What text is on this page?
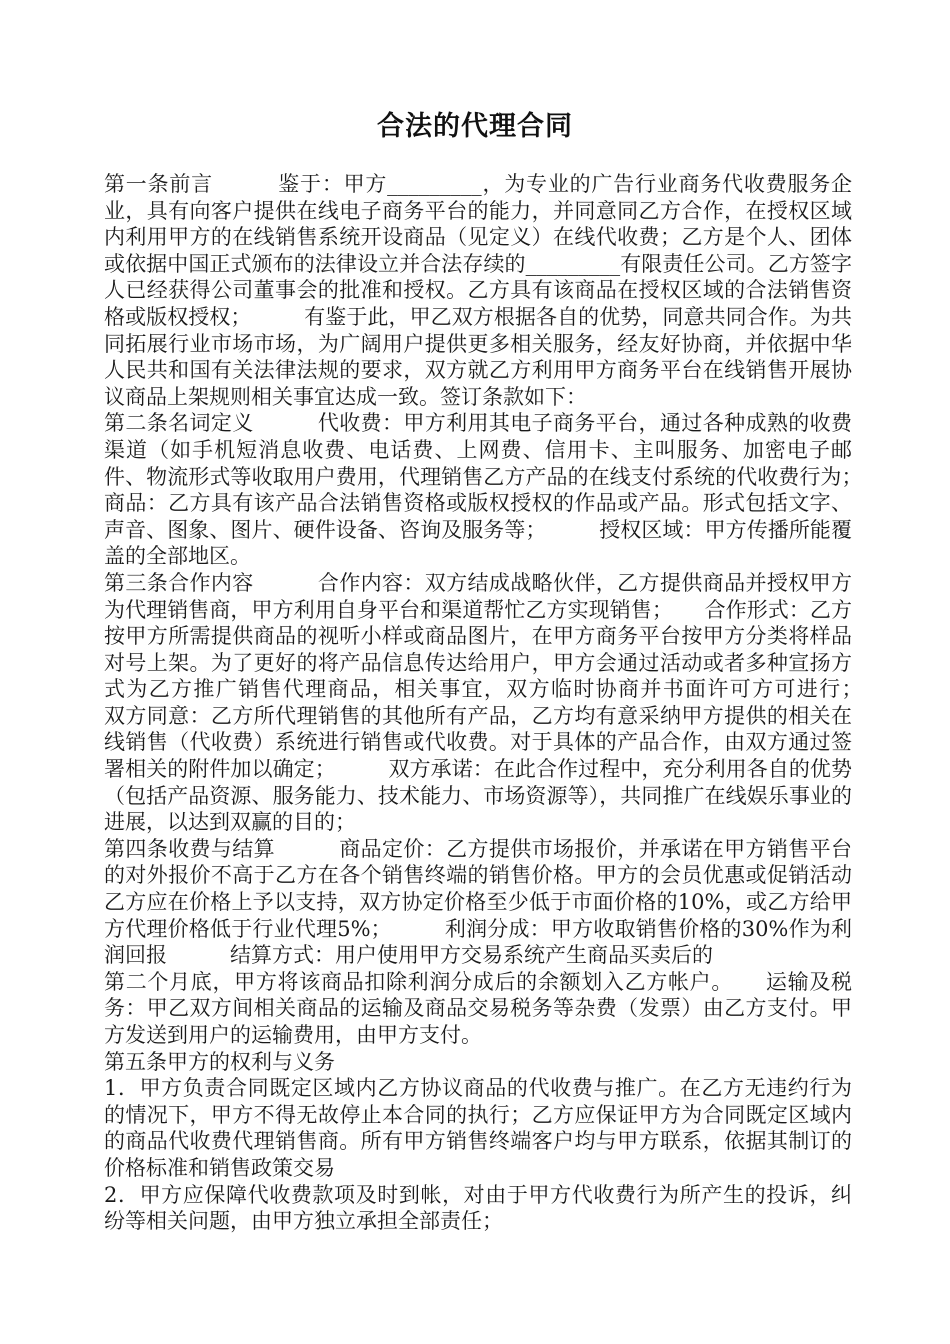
合法的代理合同

第一条前言　　　鉴于：甲方_________，为专业的广告行业商务代收费服务企业，具有向客户提供在线电子商务平台的能力，并同意同乙方合作，在授权区域内利用甲方的在线销售系统开设商品（见定义）在线代收费；乙方是个人、团体或依据中国正式颁布的法律设立并合法存续的_________有限责任公司。乙方签字人已经获得公司董事会的批准和授权。乙方具有该商品在授权区域的合法销售资格或版权授权；　　　有鉴于此，甲乙双方根据各自的优势，同意共同合作。为共同拓展行业市场市场，为广阔用户提供更多相关服务，经友好协商，并依据中华人民共和国有关法律法规的要求，双方就乙方利用甲方商务平台在线销售开展协议商品上架规则相关事宜达成一致。签订条款如下：

第二条名词定义　　　代收费：甲方利用其电子商务平台，通过各种成熟的收费渠道（如手机短消息收费、电话费、上网费、信用卡、主叫服务、加密电子邮件、物流形式等收取用户费用，代理销售乙方产品的在线支付系统的代收费行为；　　　商品：乙方具有该产品合法销售资格或版权授权的作品或产品。形式包括文字、声音、图象、图片、硬件设备、咨询及服务等；　　　授权区域：甲方传播所能覆盖的全部地区。

第三条合作内容　　　合作内容：双方结成战略伙伴，乙方提供商品并授权甲方为代理销售商，甲方利用自身平台和渠道帮忙乙方实现销售；　　合作形式：乙方按甲方所需提供商品的视听小样或商品图片，在甲方商务平台按甲方分类将样品对号上架。为了更好的将产品信息传达给用户，甲方会通过活动或者多种宣扬方式为乙方推广销售代理商品，相关事宜，双方临时协商并书面许可方可进行；　　　双方同意：乙方所代理销售的其他所有产品，乙方均有意采纳甲方提供的相关在线销售（代收费）系统进行销售或代收费。对于具体的产品合作，由双方通过签署相关的附件加以确定；　　　双方承诺：在此合作过程中，充分利用各自的优势（包括产品资源、服务能力、技术能力、市场资源等），共同推广在线娱乐事业的进展，以达到双赢的目的；

第四条收费与结算　　　商品定价：乙方提供市场报价，并承诺在甲方销售平台的对外报价不高于乙方在各个销售终端的销售价格。甲方的会员优惠或促销活动乙方应在价格上予以支持，双方协定价格至少低于市面价格的10%，或乙方给甲方代理价格低于行业代理5%；　　　利润分成：甲方收取销售价格的30%作为利润回报　　　结算方式：用户使用甲方交易系统产生商品买卖后的

第二个月底，甲方将该商品扣除利润分成后的余额划入乙方帐户。　　运输及税务：甲乙双方间相关商品的运输及商品交易税务等杂费（发票）由乙方支付。甲方发送到用户的运输费用，由甲方支付。

第五条甲方的权利与义务

1．甲方负责合同既定区域内乙方协议商品的代收费与推广。在乙方无违约行为的情况下，甲方不得无故停止本合同的执行；乙方应保证甲方为合同既定区域内的商品代收费代理销售商。所有甲方销售终端客户均与甲方联系，依据其制订的价格标准和销售政策交易

2．甲方应保障代收费款项及时到帐，对由于甲方代收费行为所产生的投诉，纠纷等相关问题，由甲方独立承担全部责任；
